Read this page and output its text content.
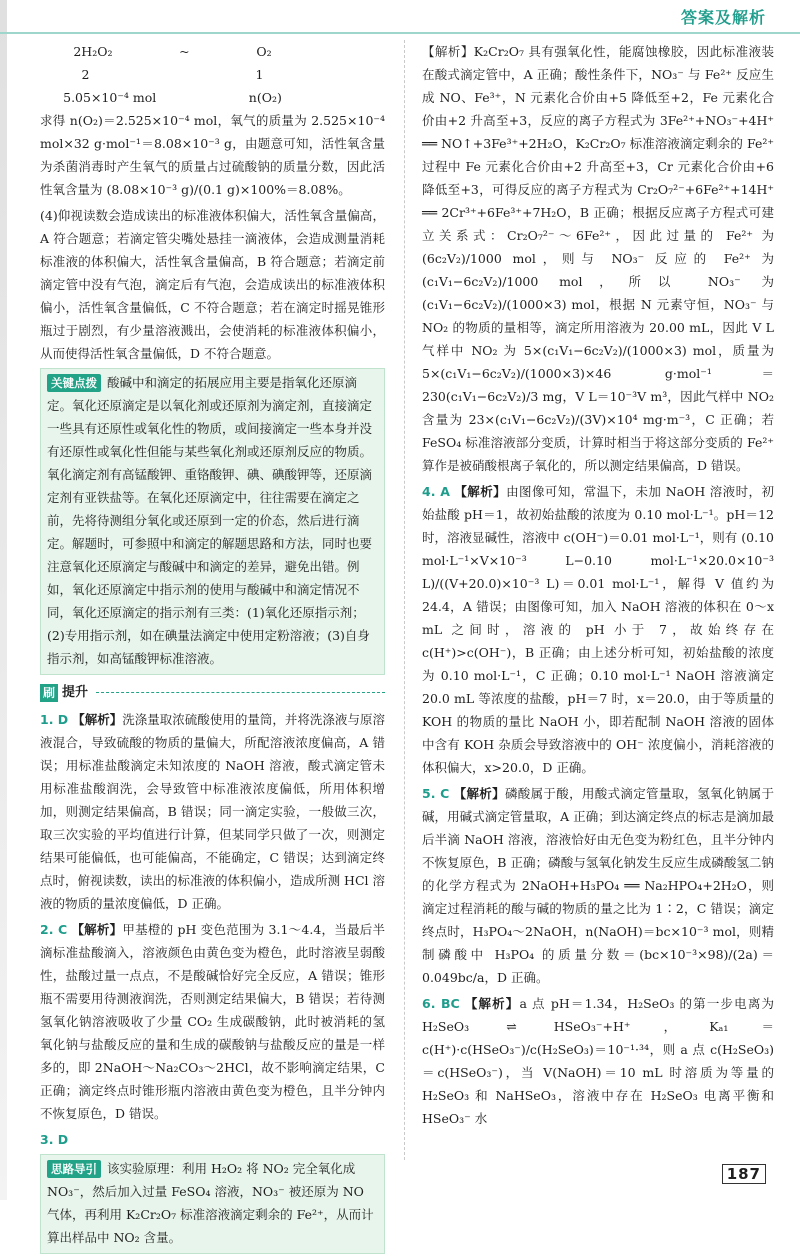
答案及解析
2H₂O₂	~	O₂
2	1
5.05×10⁻⁴ mol	n(O₂)

求得 n(O₂)＝2.525×10⁻⁴ mol，氧气的质量为 2.525×10⁻⁴ mol×32 g·mol⁻¹＝8.08×10⁻³ g，由题意可知，活性氧含量为杀菌消毒时产生氧气的质量占过硫酸钠的质量分数，因此活性氧含量为 (8.08×10⁻³ g)/(0.1 g)×100%＝8.08%。

(4)仰视读数会造成读出的标准液体积偏大，活性氧含量偏高，A 符合题意；若滴定管尖嘴处悬挂一滴液体，会造成测量消耗标准液的体积偏大，活性氧含量偏高，B 符合题意；若滴定前滴定管中没有气泡，滴定后有气泡，会造成读出的标准液体积偏小，活性氧含量偏低，C 不符合题意；若在滴定时摇晃锥形瓶过于剧烈，有少量溶液溅出，会使消耗的标准液体积偏小，从而使得活性氧含量偏低，D 不符合题意。

关键点拨 酸碱中和滴定的拓展应用主要是指氧化还原滴定。氧化还原滴定是以氧化剂或还原剂为滴定剂，直接滴定一些具有还原性或氧化性的物质，或间接滴定一些本身并没有还原性或氧化性但能与某些氧化剂或还原剂反应的物质。氧化滴定剂有高锰酸钾、重铬酸钾、碘、碘酸钾等，还原滴定剂有亚铁盐等。在氧化还原滴定中，往往需要在滴定之前，先将待测组分氧化或还原到一定的价态，然后进行滴定。解题时，可参照中和滴定的解题思路和方法，同时也要注意氧化还原滴定与酸碱中和滴定的差异，避免出错。例如，氧化还原滴定中指示剂的使用与酸碱中和滴定情况不同，氧化还原滴定的指示剂有三类：(1)氧化还原指示剂；(2)专用指示剂，如在碘量法滴定中使用定粉溶液；(3)自身指示剂，如高锰酸钾标准溶液。
刷 提升

1. D 【解析】洗涤量取浓硫酸使用的量筒，并将洗涤液与原溶液混合，导致硫酸的物质的量偏大，所配溶液浓度偏高，A 错误；用标准盐酸滴定未知浓度的 NaOH 溶液，酸式滴定管未用标准盐酸润洗，会导致管中标准液浓度偏低，所用体积增加，则测定结果偏高，B 错误；同一滴定实验，一般做三次，取三次实验的平均值进行计算，但某同学只做了一次，则测定结果可能偏低，也可能偏高，不能确定，C 错误；达到滴定终点时，俯视读数，读出的标准液的体积偏小，造成所测 HCl 溶液的物质的量浓度偏低，D 正确。

2. C 【解析】甲基橙的 pH 变色范围为 3.1～4.4，当最后半滴标准盐酸滴入，溶液颜色由黄色变为橙色，此时溶液呈弱酸性，盐酸过量一点点，不是酸碱恰好完全反应，A 错误；锥形瓶不需要用待测液润洗，否则测定结果偏大，B 错误；若待测氢氧化钠溶液吸收了少量 CO₂ 生成碳酸钠，此时被消耗的氢氧化钠与盐酸反应的量和生成的碳酸钠与盐酸反应的量是一样多的，即 2NaOH～Na₂CO₃～2HCl，故不影响滴定结果，C 正确；滴定终点时锥形瓶内溶液由黄色变为橙色，且半分钟内不恢复原色，D 错误。

3. D

思路导引 该实验原理：利用 H₂O₂ 将 NO₂ 完全氧化成 NO₃⁻，然后加入过量 FeSO₄ 溶液，NO₃⁻ 被还原为 NO 气体，再利用 K₂Cr₂O₇ 标准溶液滴定剩余的 Fe²⁺，从而计算出样品中 NO₂ 含量。

【解析】K₂Cr₂O₇ 具有强氧化性，能腐蚀橡胶，因此标准液装在酸式滴定管中，A 正确；酸性条件下，NO₃⁻ 与 Fe²⁺ 反应生成 NO、Fe³⁺，N 元素化合价由+5 降低至+2，Fe 元素化合价由+2 升高至+3，反应的离子方程式为 3Fe²⁺+NO₃⁻+4H⁺ ══ NO↑+3Fe³⁺+2H₂O，K₂Cr₂O₇ 标准溶液滴定剩余的 Fe²⁺ 过程中 Fe 元素化合价由+2 升高至+3，Cr 元素化合价由+6 降低至+3，可得反应的离子方程式为 Cr₂O₇²⁻+6Fe²⁺+14H⁺ ══ 2Cr³⁺+6Fe³⁺+7H₂O，B 正确；根据反应离子方程式可建立关系式：Cr₂O₇²⁻～6Fe²⁺，因此过量的 Fe²⁺ 为 (6c₂V₂)/1000 mol，则与 NO₃⁻ 反应的 Fe²⁺ 为 (c₁V₁−6c₂V₂)/1000 mol，所以 NO₃⁻ 为 (c₁V₁−6c₂V₂)/(1000×3) mol，根据 N 元素守恒，NO₃⁻ 与 NO₂ 的物质的量相等，滴定所用溶液为 20.00 mL，因此 V L 气样中 NO₂ 为 5×(c₁V₁−6c₂V₂)/(1000×3) mol，质量为 5×(c₁V₁−6c₂V₂)/(1000×3)×46 g·mol⁻¹＝230(c₁V₁−6c₂V₂)/3 mg，V L＝10⁻³V m³，因此气样中 NO₂ 含量为 23×(c₁V₁−6c₂V₂)/(3V)×10⁴ mg·m⁻³，C 正确；若 FeSO₄ 标准溶液部分变质，计算时相当于将这部分变质的 Fe²⁺ 算作是被硝酸根离子氧化的，所以测定结果偏高，D 错误。

4. A 【解析】由图像可知，常温下，未加 NaOH 溶液时，初始盐酸 pH＝1，故初始盐酸的浓度为 0.10 mol·L⁻¹。pH＝12 时，溶液显碱性，溶液中 c(OH⁻)＝0.01 mol·L⁻¹，则有 (0.10 mol·L⁻¹×V×10⁻³ L−0.10 mol·L⁻¹×20.0×10⁻³ L)/((V+20.0)×10⁻³ L)＝0.01 mol·L⁻¹，解得 V 值约为 24.4，A 错误；由图像可知，加入 NaOH 溶液的体积在 0～x mL 之间时，溶液的 pH 小于 7，故始终存在 c(H⁺)>c(OH⁻)，B 正确；由上述分析可知，初始盐酸的浓度为 0.10 mol·L⁻¹，C 正确；0.10 mol·L⁻¹ NaOH 溶液滴定 20.0 mL 等浓度的盐酸，pH＝7 时，x＝20.0，由于等质量的 KOH 的物质的量比 NaOH 小，即若配制 NaOH 溶液的固体中含有 KOH 杂质会导致溶液中的 OH⁻ 浓度偏小，消耗溶液的体积偏大，x>20.0，D 正确。

5. C 【解析】磷酸属于酸，用酸式滴定管量取，氢氧化钠属于碱，用碱式滴定管量取，A 正确；到达滴定终点的标志是滴加最后半滴 NaOH 溶液，溶液恰好由无色变为粉红色，且半分钟内不恢复原色，B 正确；磷酸与氢氧化钠发生反应生成磷酸氢二钠的化学方程式为 2NaOH+H₃PO₄ ══ Na₂HPO₄+2H₂O，则滴定过程消耗的酸与碱的物质的量之比为 1∶2，C 错误；滴定终点时，H₃PO₄～2NaOH，n(NaOH)＝bc×10⁻³ mol，则精制磷酸中 H₃PO₄ 的质量分数＝(bc×10⁻³×98)/(2a)＝0.049bc/a，D 正确。

6. BC 【解析】a 点 pH＝1.34，H₂SeO₃ 的第一步电离为 H₂SeO₃ ⇌ HSeO₃⁻+H⁺，Kₐ₁＝c(H⁺)·c(HSeO₃⁻)/c(H₂SeO₃)＝10⁻¹·³⁴，则 a 点 c(H₂SeO₃)＝c(HSeO₃⁻)，当 V(NaOH)＝10 mL 时溶质为等量的 H₂SeO₃ 和 NaHSeO₃，溶液中存在 H₂SeO₃ 电离平衡和 HSeO₃⁻ 水

187
